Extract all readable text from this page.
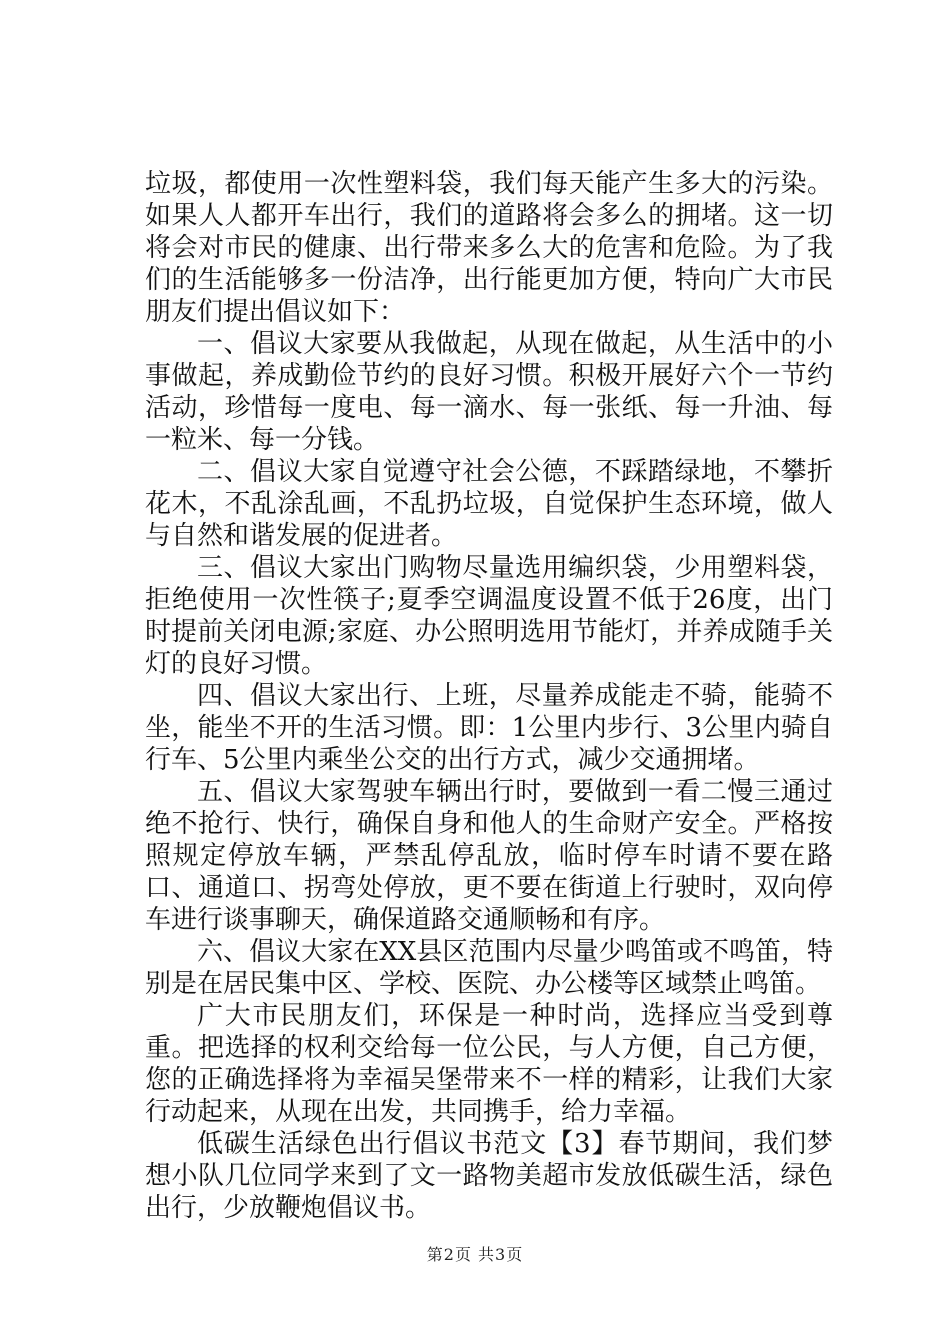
垃圾，都使用一次性塑料袋，我们每天能产生多大的污染。如果人人都开车出行，我们的道路将会多么的拥堵。这一切将会对市民的健康、出行带来多么大的危害和危险。为了我们的生活能够多一份洁净，出行能更加方便，特向广大市民朋友们提出倡议如下：

一、倡议大家要从我做起，从现在做起，从生活中的小事做起，养成勤俭节约的良好习惯。积极开展好六个一节约活动，珍惜每一度电、每一滴水、每一张纸、每一升油、每一粒米、每一分钱。

二、倡议大家自觉遵守社会公德，不踩踏绿地，不攀折花木，不乱涂乱画，不乱扔垃圾，自觉保护生态环境，做人与自然和谐发展的促进者。

三、倡议大家出门购物尽量选用编织袋，少用塑料袋，拒绝使用一次性筷子;夏季空调温度设置不低于26度，出门时提前关闭电源;家庭、办公照明选用节能灯，并养成随手关灯的良好习惯。

四、倡议大家出行、上班，尽量养成能走不骑，能骑不坐，能坐不开的生活习惯。即：1公里内步行、3公里内骑自行车、5公里内乘坐公交的出行方式，减少交通拥堵。

五、倡议大家驾驶车辆出行时，要做到一看二慢三通过绝不抢行、快行，确保自身和他人的生命财产安全。严格按照规定停放车辆，严禁乱停乱放，临时停车时请不要在路口、通道口、拐弯处停放，更不要在街道上行驶时，双向停车进行谈事聊天，确保道路交通顺畅和有序。

六、倡议大家在XX县区范围内尽量少鸣笛或不鸣笛，特别是在居民集中区、学校、医院、办公楼等区域禁止鸣笛。

广大市民朋友们，环保是一种时尚，选择应当受到尊重。把选择的权利交给每一位公民，与人方便，自己方便，您的正确选择将为幸福吴堡带来不一样的精彩，让我们大家行动起来，从现在出发，共同携手，给力幸福。

低碳生活绿色出行倡议书范文【3】春节期间，我们梦想小队几位同学来到了文一路物美超市发放低碳生活，绿色出行，少放鞭炮倡议书。

第2页 共3页
